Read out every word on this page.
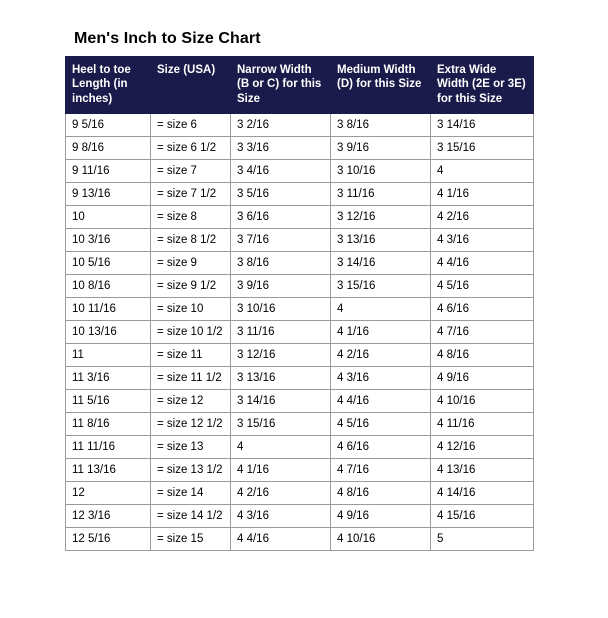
Men's Inch to Size Chart
Heel to toe Length (in inches)	Size (USA)	Narrow Width (B or C) for this Size	Medium Width (D) for this Size	Extra Wide Width (2E or 3E) for this Size
9 5/16	= size 6	3 2/16	3 8/16	3 14/16
9 8/16	= size 6 1/2	3 3/16	3 9/16	3 15/16
9 11/16	= size 7	3 4/16	3 10/16	4
9 13/16	= size 7 1/2	3 5/16	3 11/16	4 1/16
10	= size 8	3 6/16	3 12/16	4 2/16
10 3/16	= size 8 1/2	3 7/16	3 13/16	4 3/16
10 5/16	= size 9	3 8/16	3 14/16	4 4/16
10 8/16	= size 9 1/2	3 9/16	3 15/16	4 5/16
10 11/16	= size 10	3 10/16	4	4 6/16
10 13/16	= size 10 1/2	3 11/16	4 1/16	4 7/16
11	= size 11	3 12/16	4 2/16	4 8/16
11 3/16	= size 11 1/2	3 13/16	4 3/16	4 9/16
11 5/16	= size 12	3 14/16	4 4/16	4 10/16
11 8/16	= size 12 1/2	3 15/16	4 5/16	4 11/16
11 11/16	= size 13	4	4 6/16	4 12/16
11 13/16	= size 13 1/2	4 1/16	4 7/16	4 13/16
12	= size 14	4 2/16	4 8/16	4 14/16
12 3/16	= size 14 1/2	4 3/16	4 9/16	4 15/16
12 5/16	= size 15	4 4/16	4 10/16	5
